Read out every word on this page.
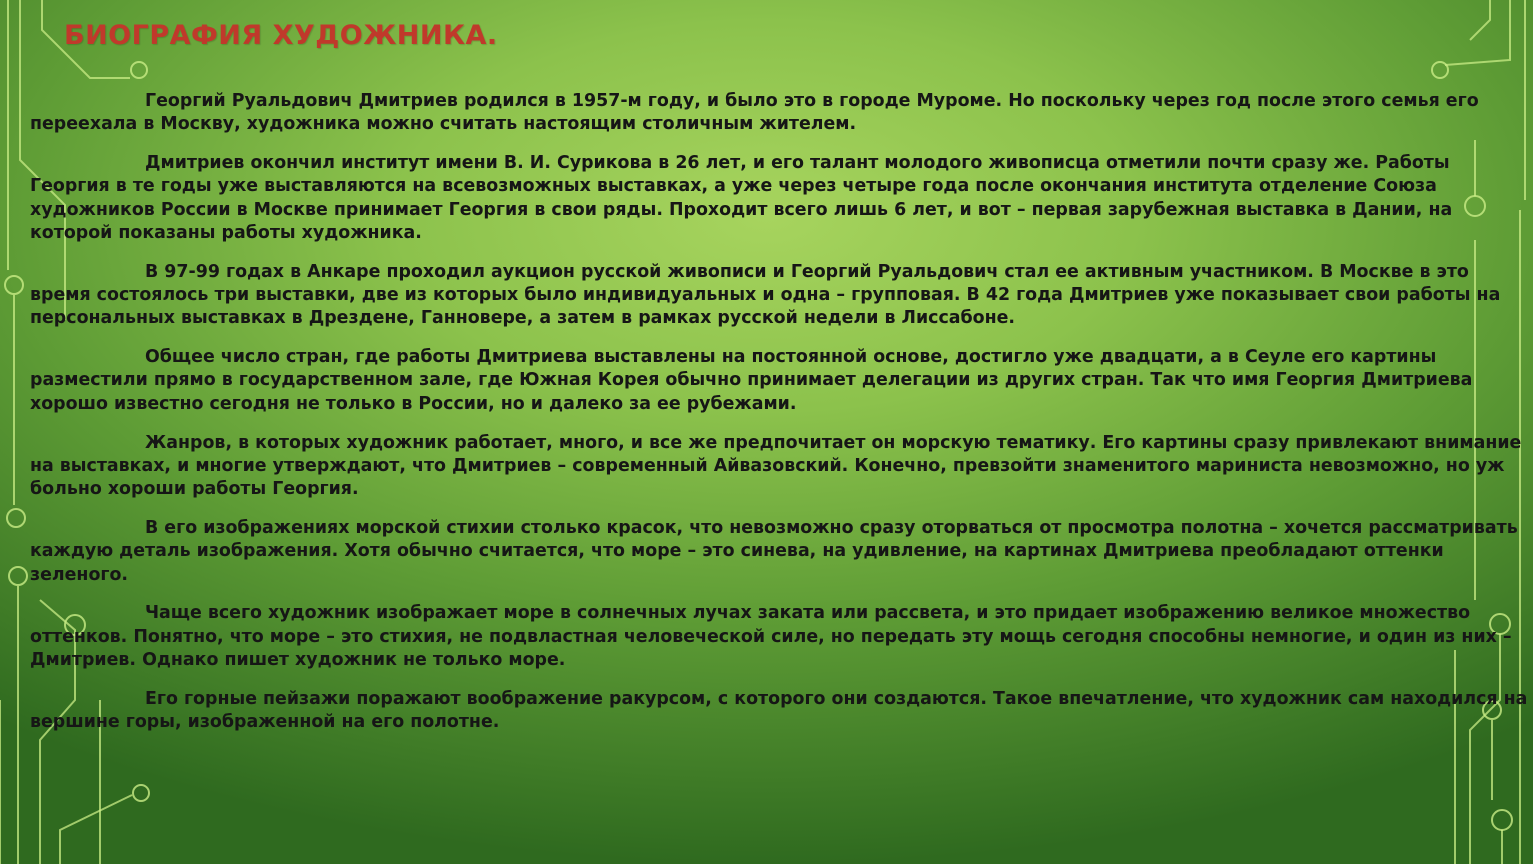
БИОГРАФИЯ ХУДОЖНИКА.

Георгий Руальдович Дмитриев родился в 1957-м году, и было это в городе Муроме. Но поскольку через год после этого семья его переехала в Москву, художника можно считать настоящим столичным жителем.

Дмитриев окончил институт имени В. И. Сурикова в 26 лет, и его талант молодого живописца отметили почти сразу же. Работы Георгия в те годы уже выставляются на всевозможных выставках, а уже через четыре года после окончания института отделение Союза художников России в Москве принимает Георгия в свои ряды. Проходит всего лишь 6 лет, и вот – первая зарубежная выставка в Дании, на которой показаны работы художника.

В 97-99 годах в Анкаре проходил аукцион русской живописи и Георгий Руальдович стал ее активным участником. В Москве в это время состоялось три выставки, две из которых было индивидуальных и одна – групповая. В 42 года Дмитриев уже показывает свои работы на персональных выставках в Дрездене, Ганновере, а затем в рамках русской недели в Лиссабоне.

Общее число стран, где работы Дмитриева выставлены на постоянной основе, достигло уже двадцати, а в Сеуле его картины разместили прямо в государственном зале, где Южная Корея обычно принимает делегации из других стран. Так что имя Георгия Дмитриева хорошо известно сегодня не только в России, но и далеко за ее рубежами.

Жанров, в которых художник работает, много, и все же предпочитает он морскую тематику. Его картины сразу привлекают внимание на выставках, и многие утверждают, что Дмитриев – современный Айвазовский. Конечно, превзойти знаменитого мариниста невозможно, но уж больно хороши работы Георгия.

В его изображениях морской стихии столько красок, что невозможно сразу оторваться от просмотра полотна – хочется рассматривать каждую деталь изображения. Хотя обычно считается, что море – это синева, на удивление, на картинах Дмитриева преобладают оттенки зеленого.

Чаще всего художник изображает море в солнечных лучах заката или рассвета, и это придает изображению великое множество оттенков. Понятно, что море – это стихия, не подвластная человеческой силе, но передать эту мощь сегодня способны немногие, и один из них – Дмитриев. Однако пишет художник не только море.

Его горные пейзажи поражают воображение ракурсом, с которого они создаются. Такое впечатление, что художник сам находился на вершине горы, изображенной на его полотне.
